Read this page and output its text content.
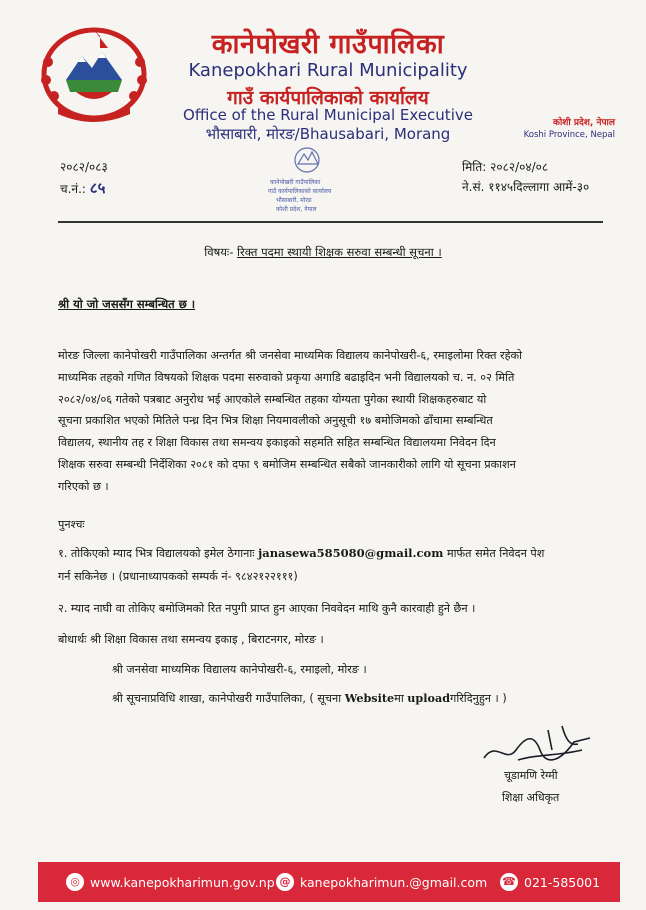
कानेपोखरी गाउँपालिका
Kanepokhari Rural Municipality
गाउँ कार्यपालिकाको कार्यालय
Office of the Rural Municipal Executive
भौसाबारी, मोरङ/Bhausabari, Morang
कोशी प्रदेश, नेपाल
Koshi Province, Nepal
२०८२/०८३
च.नं.: ८५
मिति: २०८२/०४/०८
ने.सं. ११४५दिल्लागा आमें-३०
कानेपोखरी गाउँपालिका
गाउँ कार्यपालिकाको कार्यालय
भौसाबारी, मोरङ
कोशी प्रदेश, नेपाल
विषयः- रिक्त पदमा स्थायी शिक्षक सरुवा सम्बन्धी सूचना ।
श्री यो जो जससँग सम्बन्धित छ ।
मोरङ जिल्ला कानेपोखरी गाउँपालिका अन्तर्गत श्री जनसेवा माध्यमिक विद्यालय कानेपोखरी-६, रमाइलोमा रिक्त रहेको
माध्यमिक तहको गणित विषयको शिक्षक पदमा सरुवाको प्रकृया अगाडि बढाइदिन भनी विद्यालयको च. न. ०२ मिति
२०८२/०४/०६ गतेको पत्रबाट अनुरोध भई आएकोले सम्बन्धित तहका योग्यता पुगेका स्थायी शिक्षकहरुबाट यो
सूचना प्रकाशित भएको मितिले पन्ध्र दिन भित्र शिक्षा नियमावलीको अनुसूची १७ बमोजिमको ढाँचामा सम्बन्धित
विद्यालय, स्थानीय तह र शिक्षा विकास तथा समन्वय इकाइको सहमति सहित सम्बन्धित विद्यालयमा निवेदन दिन
शिक्षक सरुवा सम्बन्धी निर्देशिका २०८१ को दफा ९ बमोजिम सम्बन्धित सबैको जानकारीको लागि यो सूचना प्रकाशन
गरिएको छ ।
पुनश्चः
१. तोकिएको म्याद भित्र विद्यालयको इमेल ठेगानाः janasewa585080@gmail.com मार्फत समेत निवेदन पेश
गर्न सकिनेछ । (प्रधानाध्यापकको सम्पर्क नं- ९८४२१२२१११)
२. म्याद नाघी वा तोकिए बमोजिमको रित नपुगी प्राप्त हुन आएका निववेदन माथि कुनै कारवाही हुने छैन ।
बोधार्थः श्री शिक्षा विकास तथा समन्वय इकाइ , बिराटनगर, मोरङ ।
श्री जनसेवा माध्यमिक विद्यालय कानेपोखरी-६, रमाइलो, मोरङ ।
श्री सूचनाप्रविधि शाखा, कानेपोखरी गाउँपालिका, ( सूचना Websiteमा uploadगरिदिनुहुन । )
चूडामणि रेग्मी
शिक्षा अधिकृत
◎ www.kanepokharimun.gov.np @ kanepokharimun.@gmail.com ☎ 021-585001
